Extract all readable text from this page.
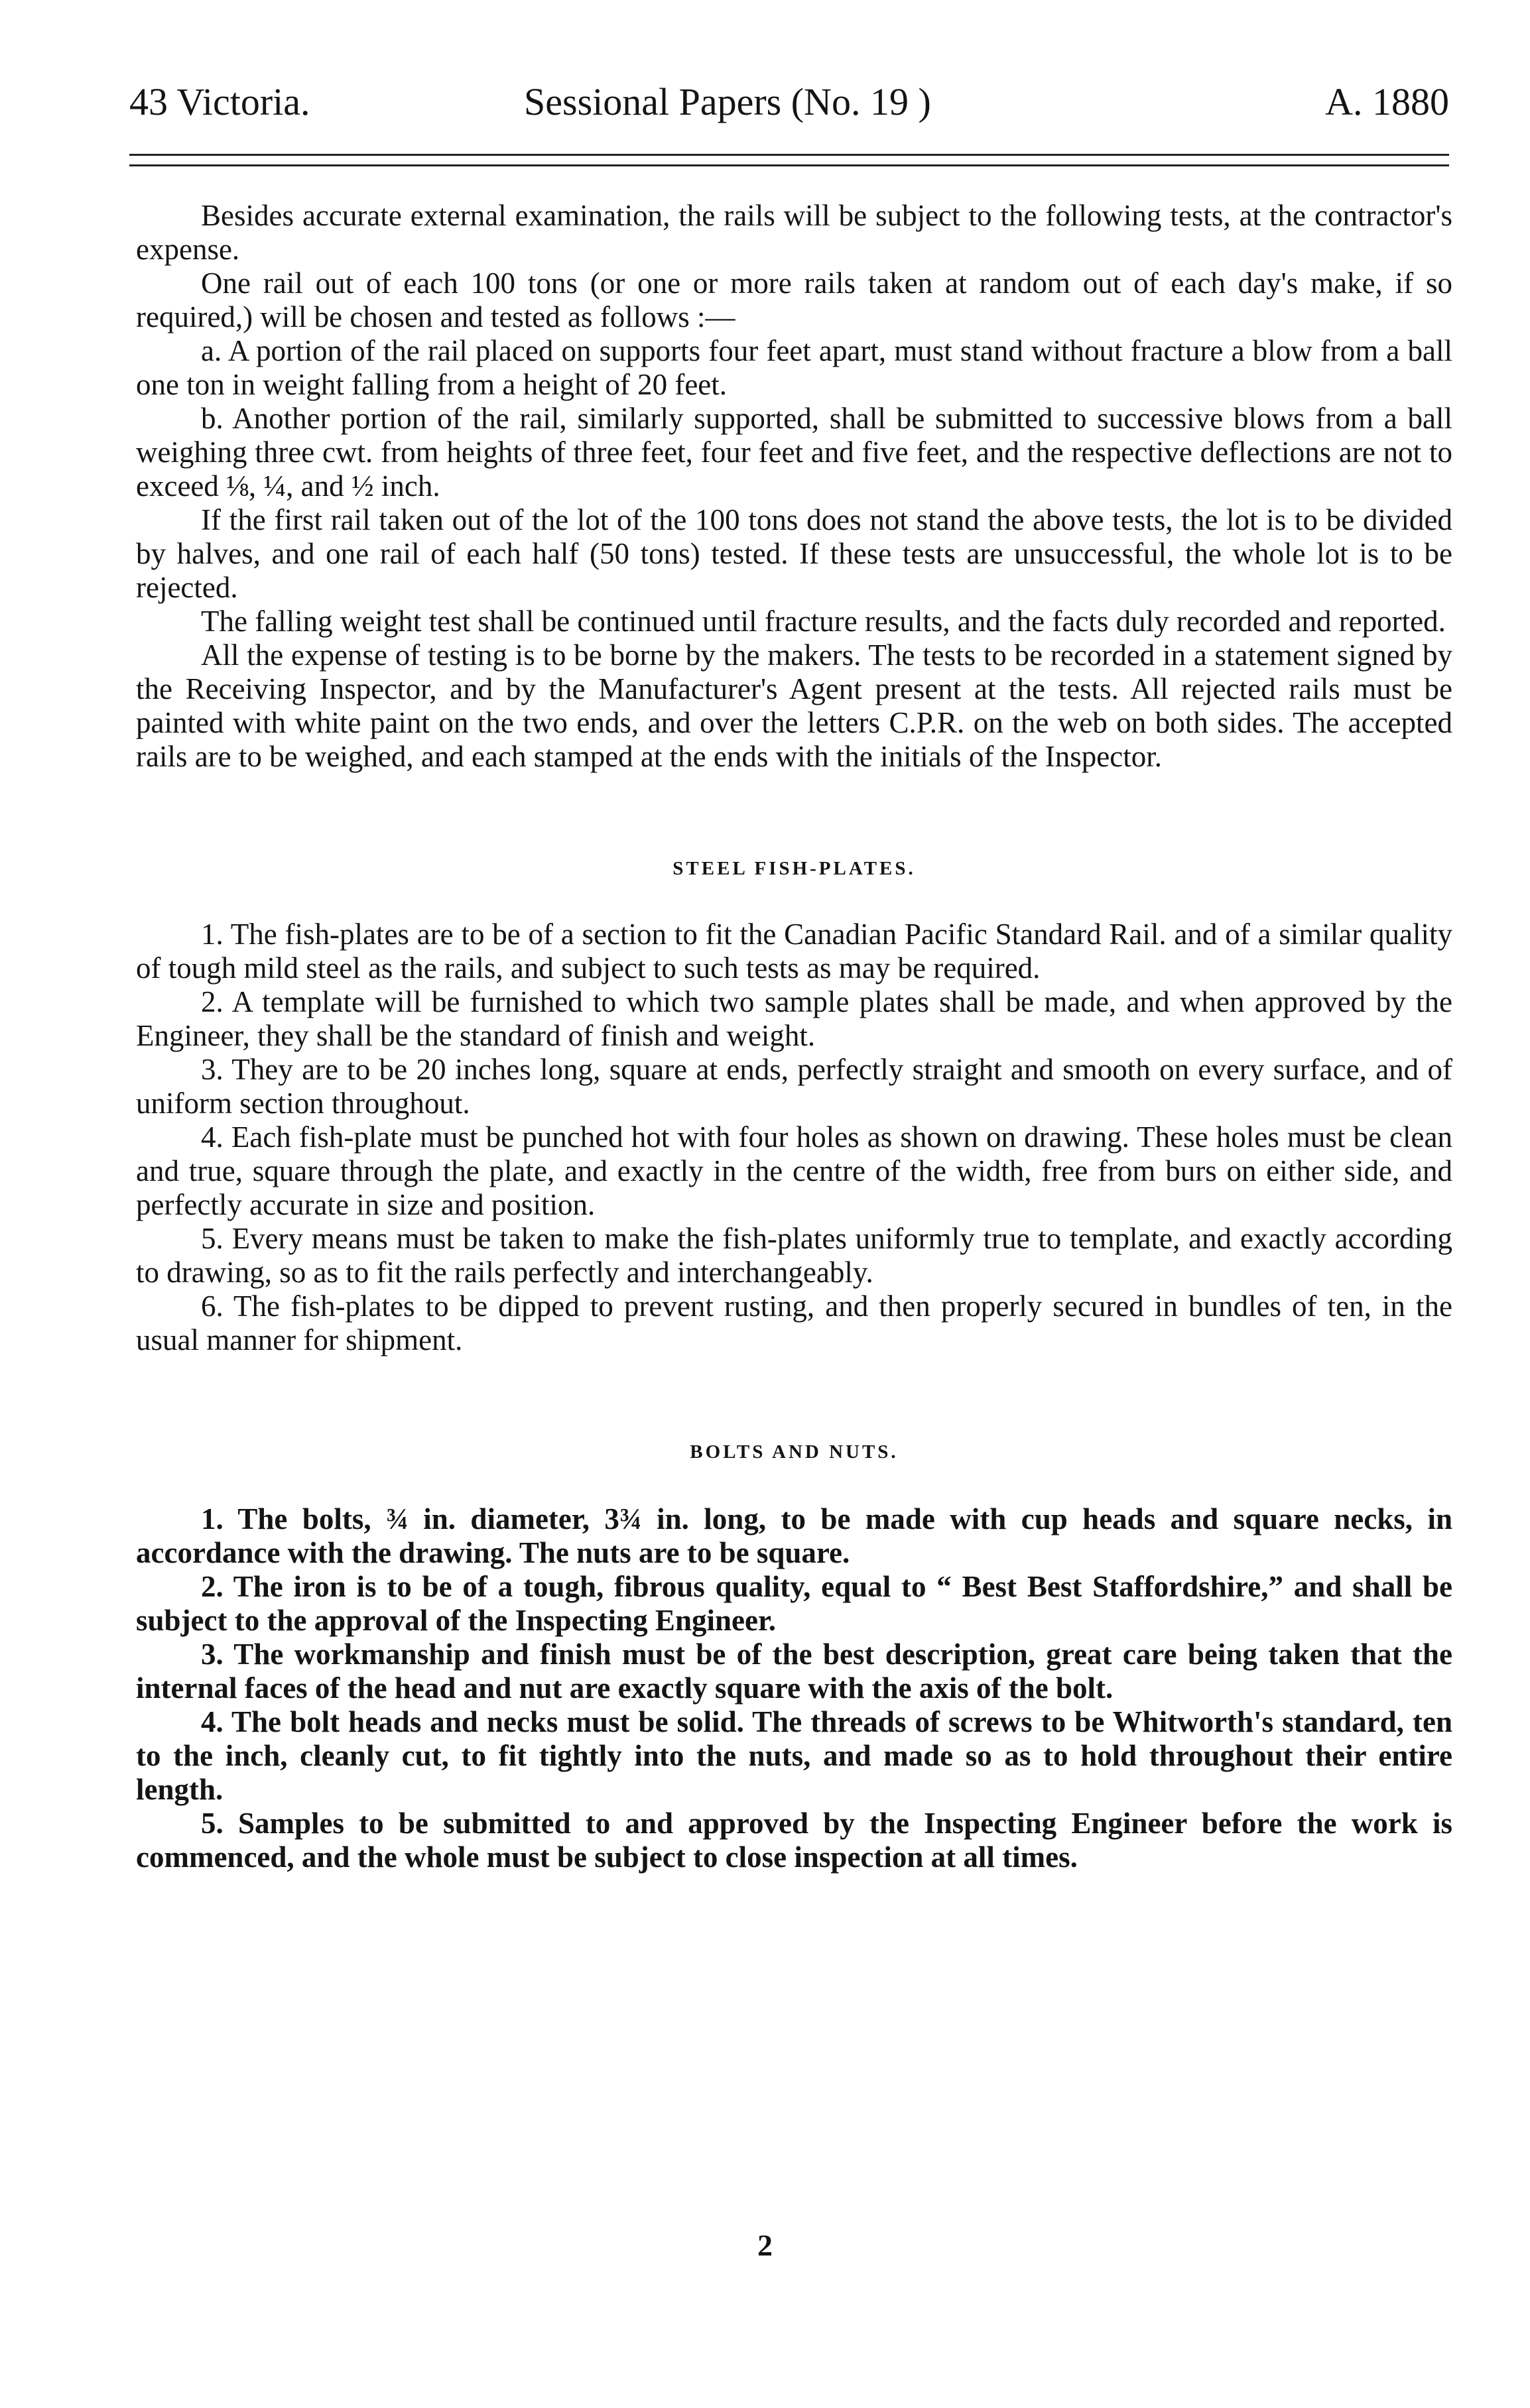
43 Victoria.	Sessional Papers (No. 19 )	A. 1880

Besides accurate external examination, the rails will be subject to the following tests, at the contractor's expense.

One rail out of each 100 tons (or one or more rails taken at random out of each day's make, if so required,) will be chosen and tested as follows :—

a. A portion of the rail placed on supports four feet apart, must stand without fracture a blow from a ball one ton in weight falling from a height of 20 feet.

b. Another portion of the rail, similarly supported, shall be submitted to successive blows from a ball weighing three cwt. from heights of three feet, four feet and five feet, and the respective deflections are not to exceed ⅛, ¼, and ½ inch.

If the first rail taken out of the lot of the 100 tons does not stand the above tests, the lot is to be divided by halves, and one rail of each half (50 tons) tested. If these tests are unsuccessful, the whole lot is to be rejected.

The falling weight test shall be continued until fracture results, and the facts duly recorded and reported.

All the expense of testing is to be borne by the makers. The tests to be recorded in a statement signed by the Receiving Inspector, and by the Manufacturer's Agent present at the tests. All rejected rails must be painted with white paint on the two ends, and over the letters C.P.R. on the web on both sides. The accepted rails are to be weighed, and each stamped at the ends with the initials of the Inspector.

STEEL FISH-PLATES.

1. The fish-plates are to be of a section to fit the Canadian Pacific Standard Rail. and of a similar quality of tough mild steel as the rails, and subject to such tests as may be required.

2. A template will be furnished to which two sample plates shall be made, and when approved by the Engineer, they shall be the standard of finish and weight.

3. They are to be 20 inches long, square at ends, perfectly straight and smooth on every surface, and of uniform section throughout.

4. Each fish-plate must be punched hot with four holes as shown on drawing. These holes must be clean and true, square through the plate, and exactly in the centre of the width, free from burs on either side, and perfectly accurate in size and position.

5. Every means must be taken to make the fish-plates uniformly true to template, and exactly according to drawing, so as to fit the rails perfectly and interchangeably.

6. The fish-plates to be dipped to prevent rusting, and then properly secured in bundles of ten, in the usual manner for shipment.

BOLTS AND NUTS.

1. The bolts, ¾ in. diameter, 3¾ in. long, to be made with cup heads and square necks, in accordance with the drawing. The nuts are to be square.

2. The iron is to be of a tough, fibrous quality, equal to “ Best Best Staffordshire,” and shall be subject to the approval of the Inspecting Engineer.

3. The workmanship and finish must be of the best description, great care being taken that the internal faces of the head and nut are exactly square with the axis of the bolt.

4. The bolt heads and necks must be solid. The threads of screws to be Whitworth's standard, ten to the inch, cleanly cut, to fit tightly into the nuts, and made so as to hold throughout their entire length.

5. Samples to be submitted to and approved by the Inspecting Engineer before the work is commenced, and the whole must be subject to close inspection at all times.

2
